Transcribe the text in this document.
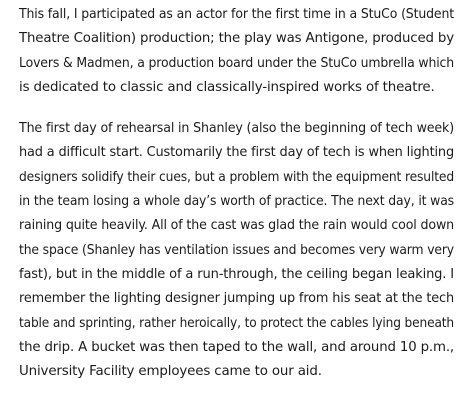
This fall, I participated as an actor for the first time in a StuCo (Student
Theatre Coalition) production; the play was Antigone, produced by
Lovers & Madmen, a production board under the StuCo umbrella which
is dedicated to classic and classically-inspired works of theatre.

The first day of rehearsal in Shanley (also the beginning of tech week)
had a difficult start. Customarily the first day of tech is when lighting
designers solidify their cues, but a problem with the equipment resulted
in the team losing a whole day’s worth of practice. The next day, it was
raining quite heavily. All of the cast was glad the rain would cool down
the space (Shanley has ventilation issues and becomes very warm very
fast), but in the middle of a run-through, the ceiling began leaking. I
remember the lighting designer jumping up from his seat at the tech
table and sprinting, rather heroically, to protect the cables lying beneath
the drip. A bucket was then taped to the wall, and around 10 p.m.,
University Facility employees came to our aid.
